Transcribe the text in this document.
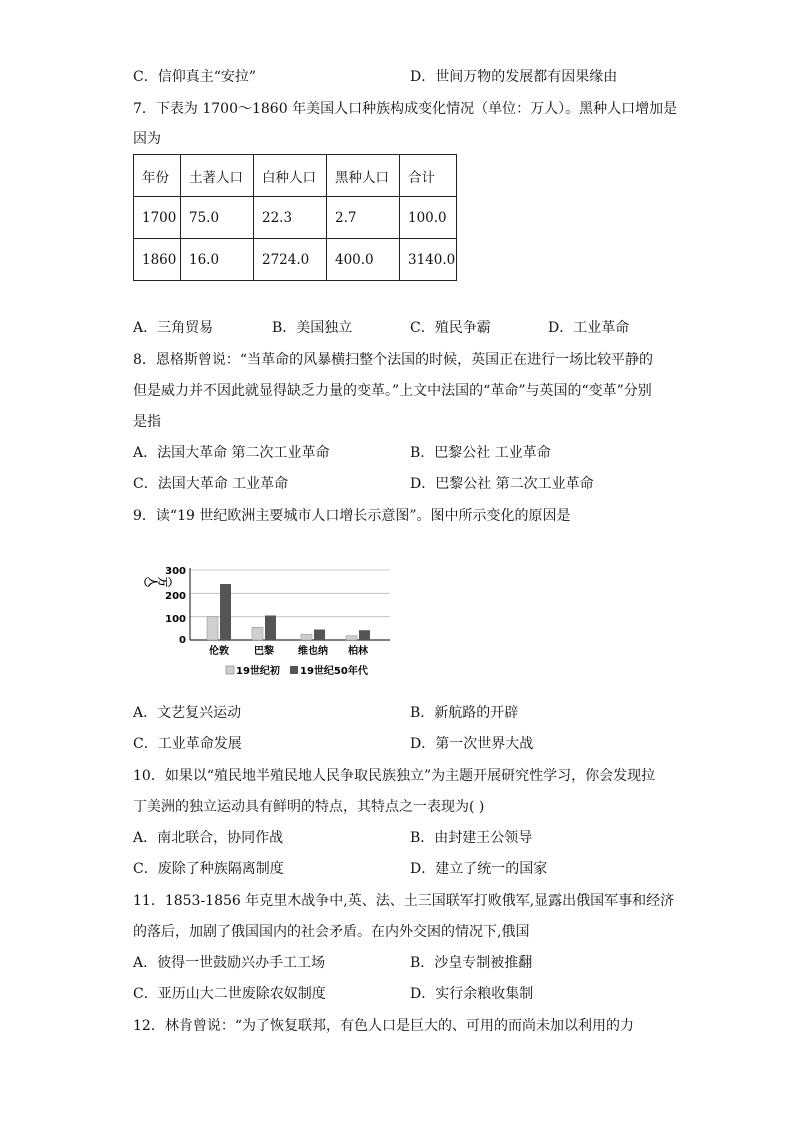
C．信仰真主“安拉”	D．世间万物的发展都有因果缘由
7．下表为 1700～1860 年美国人口种族构成变化情况（单位：万人）。黑种人口增加是
因为
年份	土著人口	白种人口	黑种人口	合计
1700	75.0	22.3	2.7	100.0
1860	16.0	2724.0	400.0	3140.0
A．三角贸易	B．美国独立	C．殖民争霸	D．工业革命
8．恩格斯曾说：“当革命的风暴横扫整个法国的时候，英国正在进行一场比较平静的
但是威力并不因此就显得缺乏力量的变革。”上文中法国的“革命”与英国的“变革”分别
是指
A．法国大革命 第二次工业革命	B．巴黎公社 工业革命
C．法国大革命 工业革命	D．巴黎公社 第二次工业革命
9．读“19 世纪欧洲主要城市人口增长示意图”。图中所示变化的原因是
（万人）
300
200
100
0
伦敦	巴黎 维也纳 柏林
19世纪初 19世纪50年代
A．文艺复兴运动	B．新航路的开辟
C．工业革命发展	D．第一次世界大战
10．如果以“殖民地半殖民地人民争取民族独立”为主题开展研究性学习，你会发现拉
丁美洲的独立运动具有鲜明的特点，其特点之一表现为( )
A．南北联合，协同作战	B．由封建王公领导
C．废除了种族隔离制度	D．建立了统一的国家
11．1853-1856 年克里木战争中,英、法、土三国联军打败俄军,显露出俄国军事和经济
的落后，加剧了俄国国内的社会矛盾。在内外交困的情况下,俄国
A．彼得一世鼓励兴办手工工场	B．沙皇专制被推翻
C．亚历山大二世废除农奴制度	D．实行余粮收集制
12．林肯曾说：“为了恢复联邦，有色人口是巨大的、可用的而尚未加以利用的力
